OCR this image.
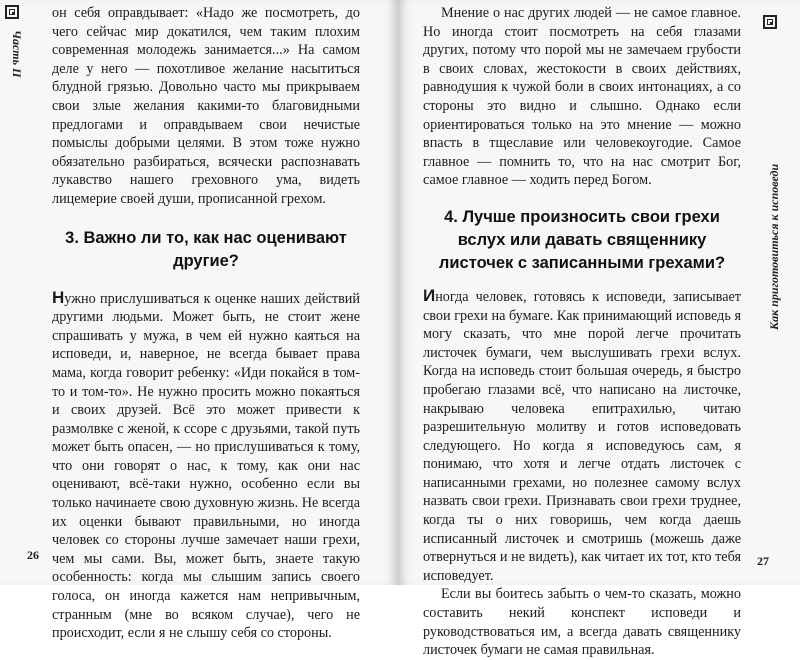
Часть II

он себя оправдывает: «Надо же посмотреть, до чего сейчас мир докатился, чем таким плохим современная молодежь занимается...» На самом деле у него — похотливое желание насытиться блудной грязью. Довольно часто мы прикрываем свои злые желания какими-то благовидными предлогами и оправдываем свои нечистые помыслы добрыми целями. В этом тоже нужно обязательно разбираться, всячески распознавать лукавство нашего греховного ума, видеть лицемерие своей души, прописанной грехом.

3. Важно ли то, как нас оценивают другие?

Нужно прислушиваться к оценке наших действий другими людьми. Может быть, не стоит жене спрашивать у мужа, в чем ей нужно каяться на исповеди, и, наверное, не всегда бывает права мама, когда говорит ребенку: «Иди покайся в том-то и том-то». Не нужно просить можно покаяться и своих друзей. Всё это может привести к размолвке с женой, к ссоре с друзьями, такой путь может быть опасен, — но прислушиваться к тому, что они говорят о нас, к тому, как они нас оценивают, всё-таки нужно, особенно если вы только начинаете свою духовную жизнь. Не всегда их оценки бывают правильными, но иногда человек со стороны лучше замечает наши грехи, чем мы сами. Вы, может быть, знаете такую особенность: когда мы слышим запись своего голоса, он иногда кажется нам непривычным, странным (мне во всяком случае), чего не происходит, если я не слышу себя со стороны.

26
Как приготовиться к исповеди

Мнение о нас других людей — не самое главное. Но иногда стоит посмотреть на себя глазами других, потому что порой мы не замечаем грубости в своих словах, жестокости в своих действиях, равнодушия к чужой боли в своих интонациях, а со стороны это видно и слышно. Однако если ориентироваться только на это мнение — можно впасть в тщеславие или человекоугодие. Самое главное — помнить то, что на нас смотрит Бог, самое главное — ходить перед Богом.

4. Лучше произносить свои грехи вслух или давать священнику листочек с записанными грехами?

Иногда человек, готовясь к исповеди, записывает свои грехи на бумаге. Как принимающий исповедь я могу сказать, что мне порой легче прочитать листочек бумаги, чем выслушивать грехи вслух. Когда на исповедь стоит большая очередь, я быстро пробегаю глазами всё, что написано на листочке, накрываю человека епитрахилью, читаю разрешительную молитву и готов исповедовать следующего. Но когда я исповедуюсь сам, я понимаю, что хотя и легче отдать листочек с написанными грехами, но полезнее самому вслух назвать свои грехи. Признавать свои грехи труднее, когда ты о них говоришь, чем когда даешь исписанный листочек и смотришь (можешь даже отвернуться и не видеть), как читает их тот, кто тебя исповедует.

Если вы боитесь забыть о чем-то сказать, можно составить некий конспект исповеди и руководствоваться им, а всегда давать священнику листочек бумаги не самая правильная.

27
